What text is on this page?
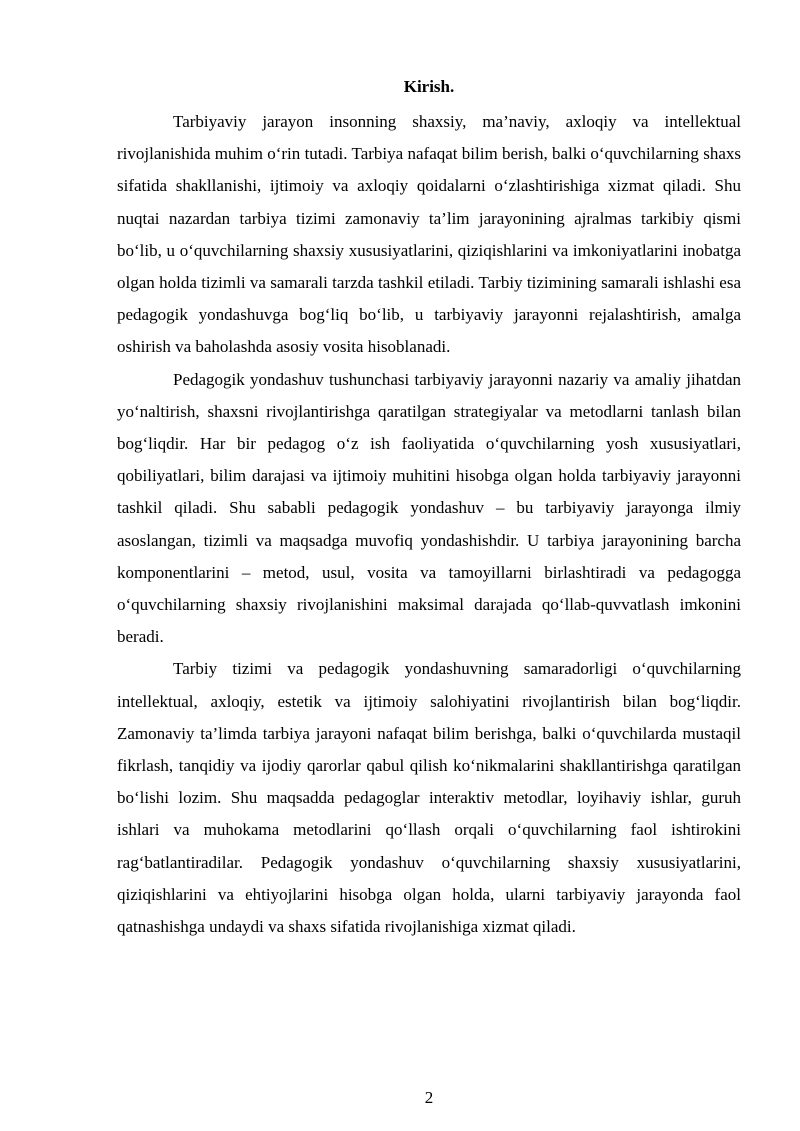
Kirish.

Tarbiyaviy jarayon insonning shaxsiy, ma’naviy, axloqiy va intellektual rivojlanishida muhim o‘rin tutadi. Tarbiya nafaqat bilim berish, balki o‘quvchilarning shaxs sifatida shakllanishi, ijtimoiy va axloqiy qoidalarni o‘zlashtirishiga xizmat qiladi. Shu nuqtai nazardan tarbiya tizimi zamonaviy ta’lim jarayonining ajralmas tarkibiy qismi bo‘lib, u o‘quvchilarning shaxsiy xususiyatlarini, qiziqishlarini va imkoniyatlarini inobatga olgan holda tizimli va samarali tarzda tashkil etiladi. Tarbiy tizimining samarali ishlashi esa pedagogik yondashuvga bog‘liq bo‘lib, u tarbiyaviy jarayonni rejalashtirish, amalga oshirish va baholashda asosiy vosita hisoblanadi.

Pedagogik yondashuv tushunchasi tarbiyaviy jarayonni nazariy va amaliy jihatdan yo‘naltirish, shaxsni rivojlantirishga qaratilgan strategiyalar va metodlarni tanlash bilan bog‘liqdir. Har bir pedagog o‘z ish faoliyatida o‘quvchilarning yosh xususiyatlari, qobiliyatlari, bilim darajasi va ijtimoiy muhitini hisobga olgan holda tarbiyaviy jarayonni tashkil qiladi. Shu sababli pedagogik yondashuv – bu tarbiyaviy jarayonga ilmiy asoslangan, tizimli va maqsadga muvofiq yondashishdir. U tarbiya jarayonining barcha komponentlarini – metod, usul, vosita va tamoyillarni birlashtiradi va pedagogga o‘quvchilarning shaxsiy rivojlanishini maksimal darajada qo‘llab-quvvatlash imkonini beradi.

Tarbiy tizimi va pedagogik yondashuvning samaradorligi o‘quvchilarning intellektual, axloqiy, estetik va ijtimoiy salohiyatini rivojlantirish bilan bog‘liqdir. Zamonaviy ta’limda tarbiya jarayoni nafaqat bilim berishga, balki o‘quvchilarda mustaqil fikrlash, tanqidiy va ijodiy qarorlar qabul qilish ko‘nikmalarini shakllantirishga qaratilgan bo‘lishi lozim. Shu maqsadda pedagoglar interaktiv metodlar, loyihaviy ishlar, guruh ishlari va muhokama metodlarini qo‘llash orqali o‘quvchilarning faol ishtirokini rag‘batlantiradilar. Pedagogik yondashuv o‘quvchilarning shaxsiy xususiyatlarini, qiziqishlarini va ehtiyojlarini hisobga olgan holda, ularni tarbiyaviy jarayonda faol qatnashishga undaydi va shaxs sifatida rivojlanishiga xizmat qiladi.

2
